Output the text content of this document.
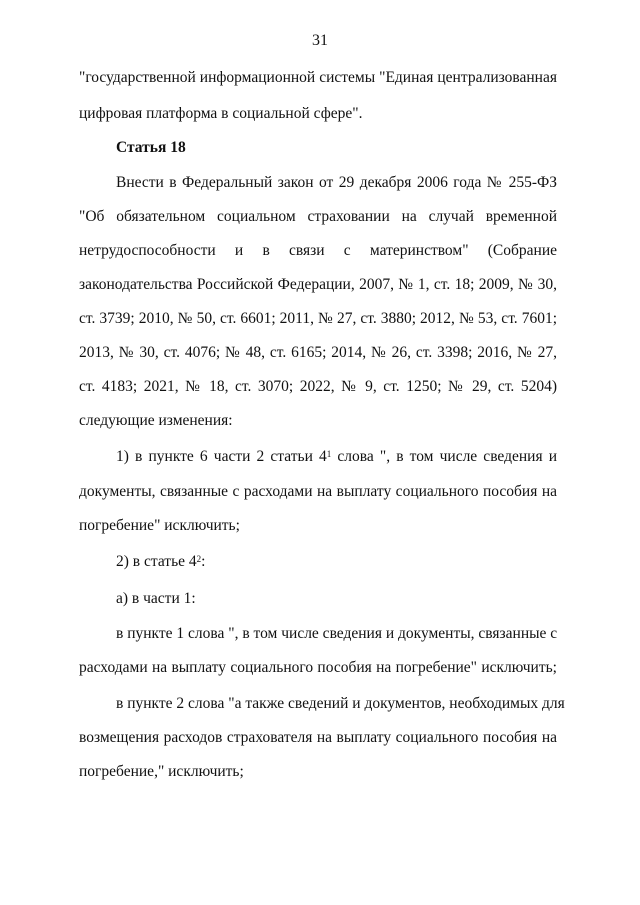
31
"государственной информационной системы "Единая централизованная
цифровая платформа в социальной сфере".
Статья 18
Внести в Федеральный закон от 29 декабря 2006 года № 255-ФЗ
"Об обязательном социальном страховании на случай временной
нетрудоспособности и в связи с материнством" (Собрание
законодательства Российской Федерации, 2007, № 1, ст. 18; 2009, № 30,
ст. 3739; 2010, № 50, ст. 6601; 2011, № 27, ст. 3880; 2012, № 53, ст. 7601;
2013, № 30, ст. 4076; № 48, ст. 6165; 2014, № 26, ст. 3398; 2016, № 27,
ст. 4183; 2021, № 18, ст. 3070; 2022, № 9, ст. 1250; № 29, ст. 5204)
следующие изменения:
1) в пункте 6 части 2 статьи $4^1$ слова ", в том числе сведения и
документы, связанные с расходами на выплату социального пособия на
погребение" исключить;
2) в статье $4^2$:
а) в части 1:
в пункте 1 слова ", в том числе сведения и документы, связанные с
расходами на выплату социального пособия на погребение" исключить;
в пункте 2 слова "а также сведений и документов, необходимых для
возмещения расходов страхователя на выплату социального пособия на
погребение," исключить;
